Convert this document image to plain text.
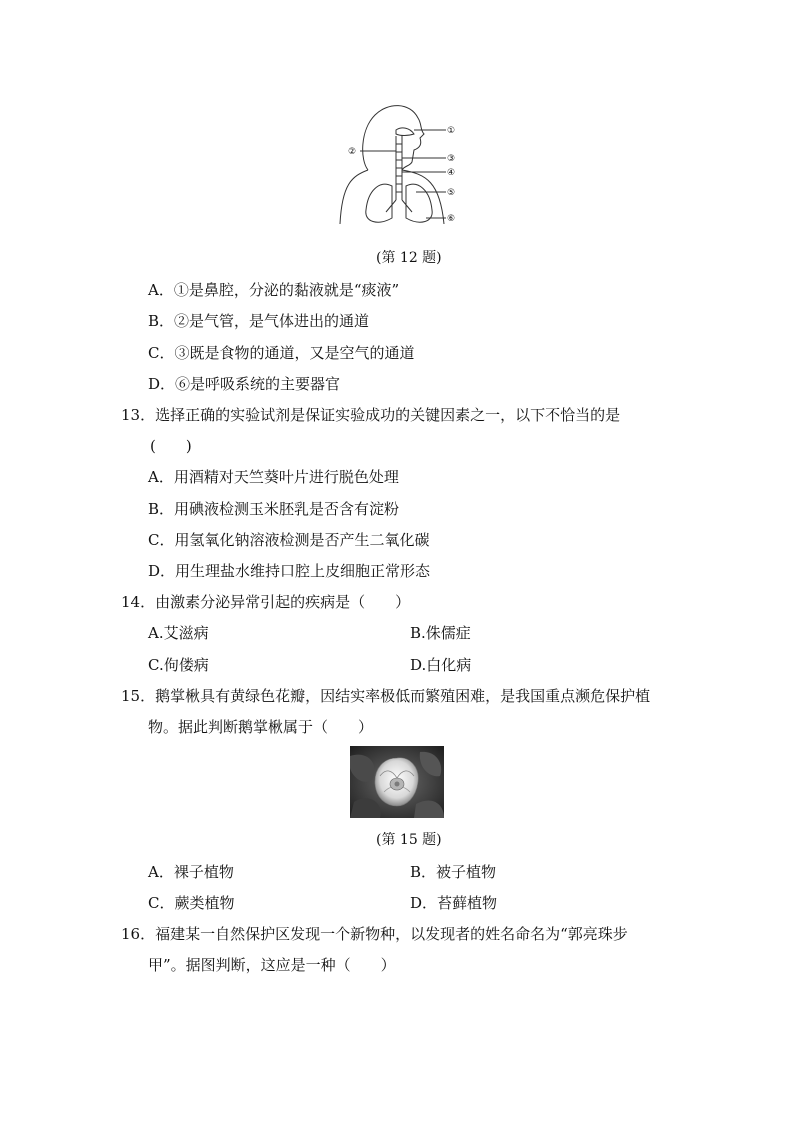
①
②
③
④
⑤
⑥
(第 12 题)
A．①是鼻腔，分泌的黏液就是“痰液”
B．②是气管，是气体进出的通道
C．③既是食物的通道，又是空气的通道
D．⑥是呼吸系统的主要器官
13．选择正确的实验试剂是保证实验成功的关键因素之一，以下不恰当的是
(　　)
A．用酒精对天竺葵叶片进行脱色处理
B．用碘液检测玉米胚乳是否含有淀粉
C．用氢氧化钠溶液检测是否产生二氧化碳
D．用生理盐水维持口腔上皮细胞正常形态
14．由激素分泌异常引起的疾病是（　　）
A.艾滋病	B.侏儒症
C.佝偻病	D.白化病
15．鹅掌楸具有黄绿色花瓣，因结实率极低而繁殖困难，是我国重点濒危保护植
物。据此判断鹅掌楸属于（　　）
(第 15 题)
A．裸子植物	B．被子植物
C．蕨类植物	D．苔藓植物
16．福建某一自然保护区发现一个新物种，以发现者的姓名命名为“郭亮珠步
甲”。据图判断，这应是一种（　　）
